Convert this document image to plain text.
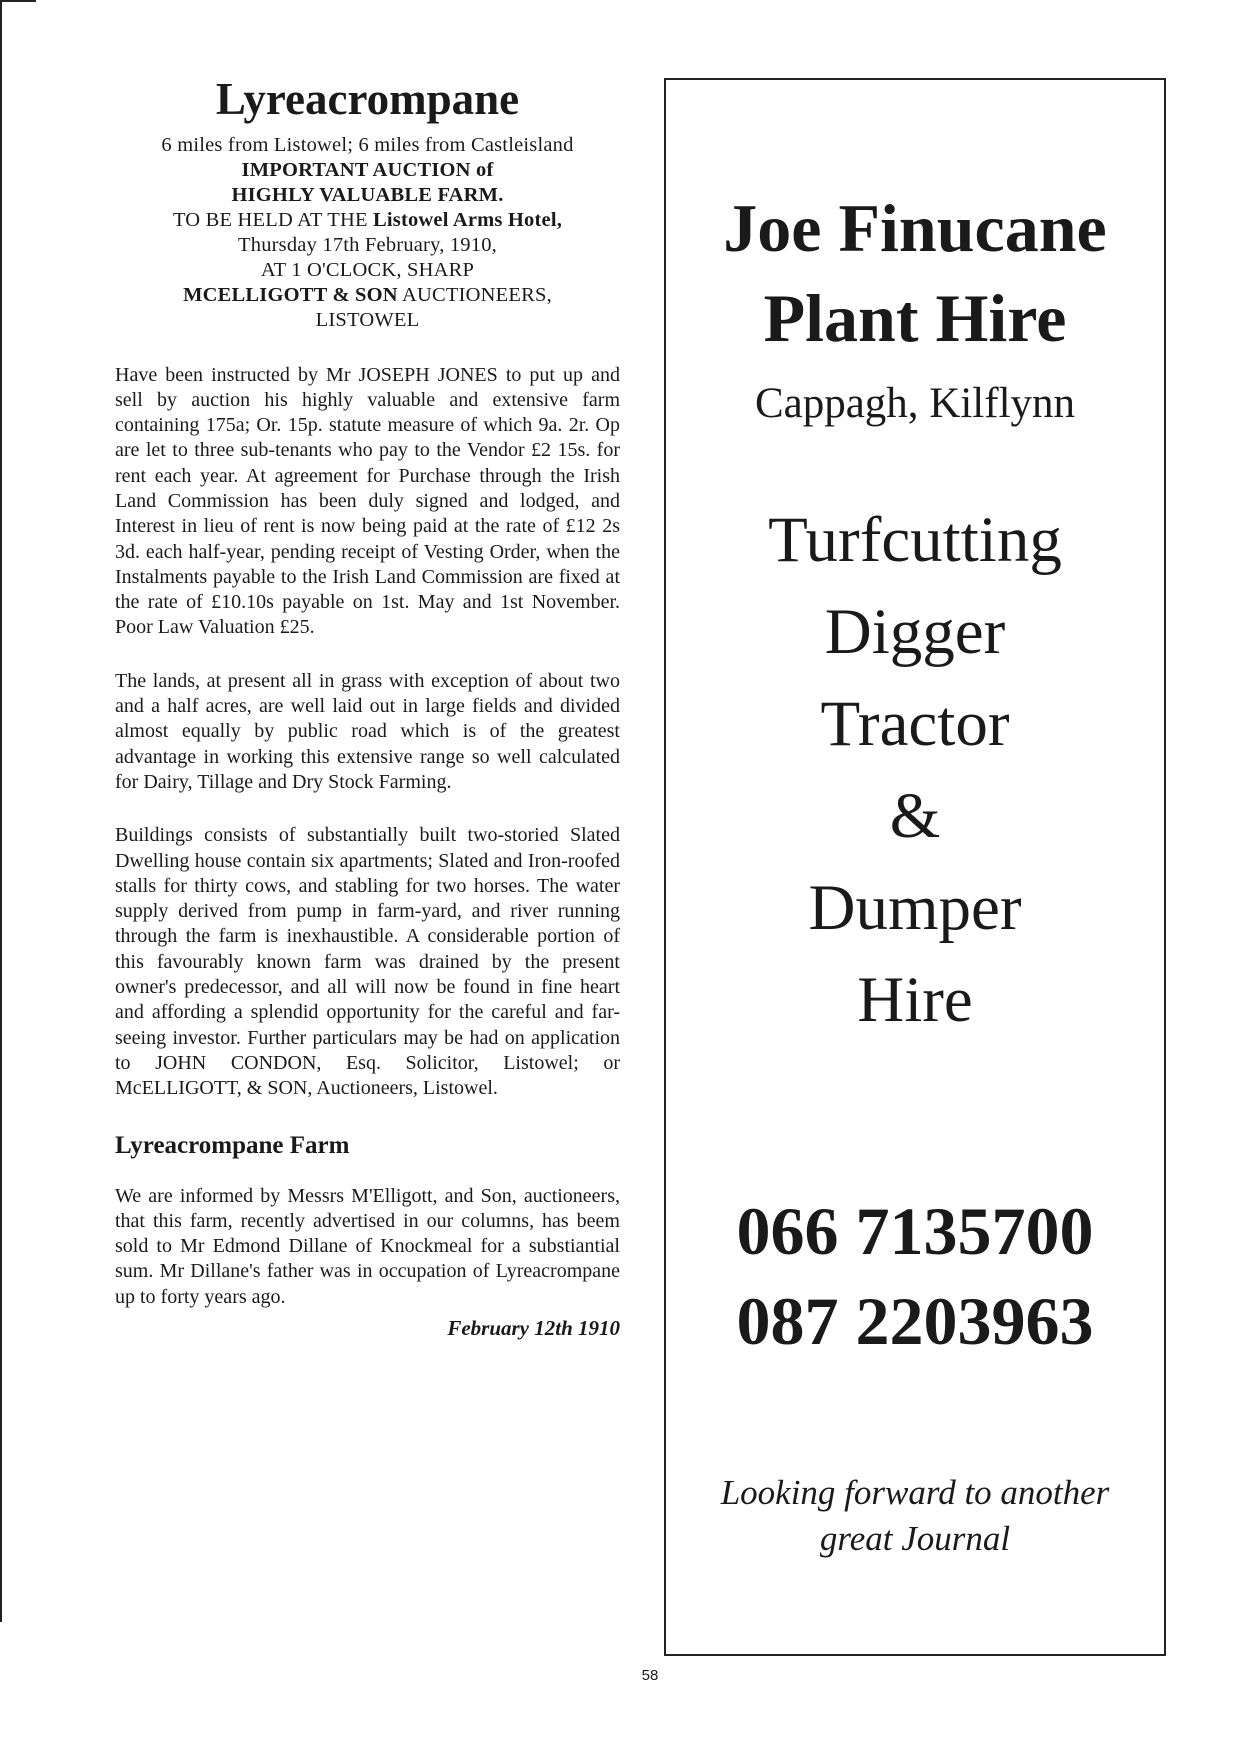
Lyreacrompane
6 miles from Listowel; 6 miles from Castleisland
IMPORTANT AUCTION of
HIGHLY VALUABLE FARM.
TO BE HELD AT THE Listowel Arms Hotel,
Thursday 17th February, 1910,
AT 1 O'CLOCK, SHARP
MCELLIGOTT & SON AUCTIONEERS,
LISTOWEL

Have been instructed by Mr JOSEPH JONES to put up and sell by auction his highly valuable and extensive farm containing 175a; Or. 15p. statute measure of which 9a. 2r. Op are let to three sub-tenants who pay to the Vendor £2 15s. for rent each year. At agreement for Purchase through the Irish Land Commission has been duly signed and lodged, and Interest in lieu of rent is now being paid at the rate of £12 2s 3d. each half-year, pending receipt of Vesting Order, when the Instalments payable to the Irish Land Commission are fixed at the rate of £10.10s payable on 1st. May and 1st November. Poor Law Valuation £25.

The lands, at present all in grass with exception of about two and a half acres, are well laid out in large fields and divided almost equally by public road which is of the greatest advantage in working this extensive range so well calculated for Dairy, Tillage and Dry Stock Farming.

Buildings consists of substantially built two-storied Slated Dwelling house contain six apartments; Slated and Iron-roofed stalls for thirty cows, and stabling for two horses. The water supply derived from pump in farm-yard, and river running through the farm is inexhaustible. A considerable portion of this favourably known farm was drained by the present owner's predecessor, and all will now be found in fine heart and affording a splendid opportunity for the careful and far-seeing investor. Further particulars may be had on application to JOHN CONDON, Esq. Solicitor, Listowel; or McELLIGOTT, & SON, Auctioneers, Listowel.

Lyreacrompane Farm

We are informed by Messrs M'Elligott, and Son, auctioneers, that this farm, recently advertised in our columns, has beem sold to Mr Edmond Dillane of Knockmeal for a substiantial sum. Mr Dillane's father was in occupation of Lyreacrompane up to forty years ago.

February 12th 1910
Joe Finucane
Plant Hire
Cappagh, Kilflynn
Turfcutting
Digger
Tractor
&
Dumper
Hire
066 7135700
087 2203963
Looking forward to another
great Journal
58
